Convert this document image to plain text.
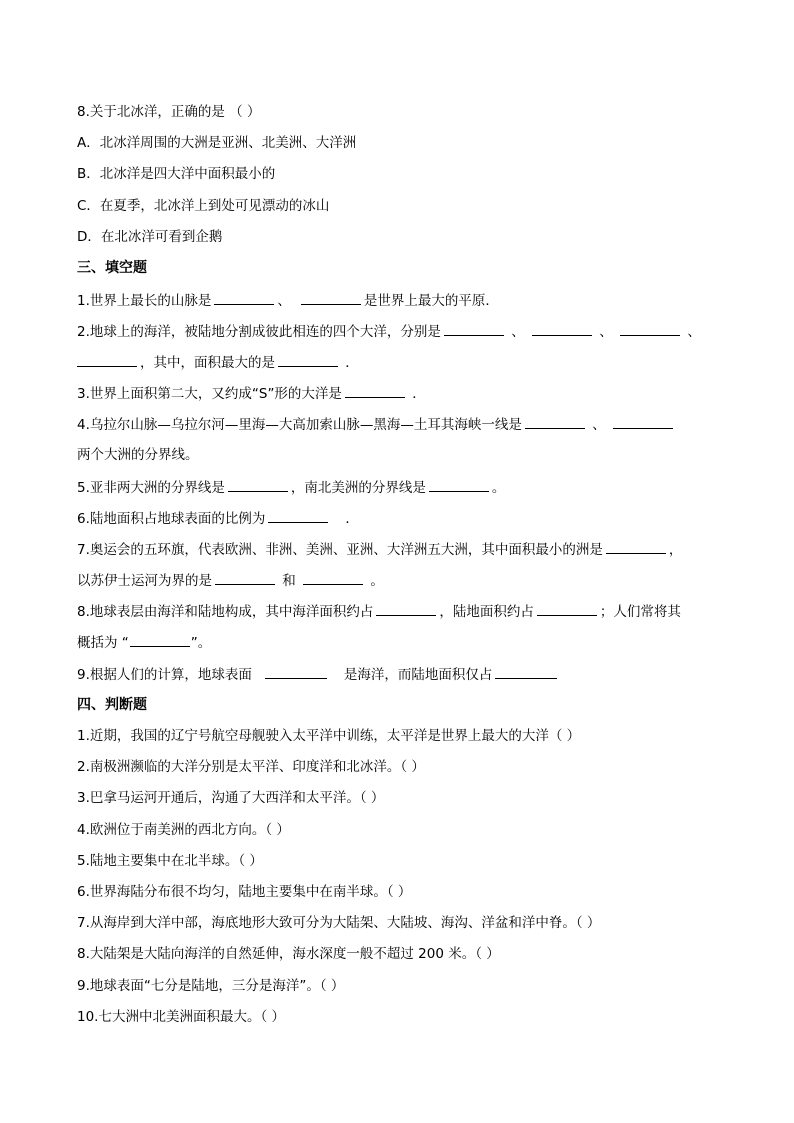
8.关于北冰洋，正确的是 （ ）
A．北冰洋周围的大洲是亚洲、北美洲、大洋洲
B．北冰洋是四大洋中面积最小的
C．在夏季，北冰洋上到处可见漂动的冰山
D．在北冰洋可看到企鹅
三、填空题
1.世界上最长的山脉是	、	是世界上最大的平原．
2.地球上的海洋，被陆地分割成彼此相连的四个大洋，分别是	、	、	、
，其中，面积最大的是	．
3.世界上面积第二大，又约成“S”形的大洋是	．
4.乌拉尔山脉—乌拉尔河—里海—大高加索山脉—黑海—土耳其海峡一线是	、
两个大洲的分界线。
5.亚非两大洲的分界线是	，南北美洲的分界线是	。
6.陆地面积占地球表面的比例为	．
7.奥运会的五环旗，代表欧洲、非洲、美洲、亚洲、大洋洲五大洲，其中面积最小的洲是	，
以苏伊士运河为界的是	和	。
8.地球表层由海洋和陆地构成，其中海洋面积约占	，陆地面积约占	；人们常将其
概括为 “	”。
9.根据人们的计算，地球表面	是海洋，而陆地面积仅占
四、判断题
1.近期，我国的辽宁号航空母舰驶入太平洋中训练，太平洋是世界上最大的大洋（ ）
2.南极洲濒临的大洋分别是太平洋、印度洋和北冰洋。（ ）
3.巴拿马运河开通后，沟通了大西洋和太平洋。（ ）
4.欧洲位于南美洲的西北方向。（ ）
5.陆地主要集中在北半球。（ ）
6.世界海陆分布很不均匀，陆地主要集中在南半球。（ ）
7.从海岸到大洋中部，海底地形大致可分为大陆架、大陆坡、海沟、洋盆和洋中脊。（ ）
8.大陆架是大陆向海洋的自然延伸，海水深度一般不超过 200 米。（ ）
9.地球表面“七分是陆地，三分是海洋”。（ ）
10.七大洲中北美洲面积最大。（ ）
